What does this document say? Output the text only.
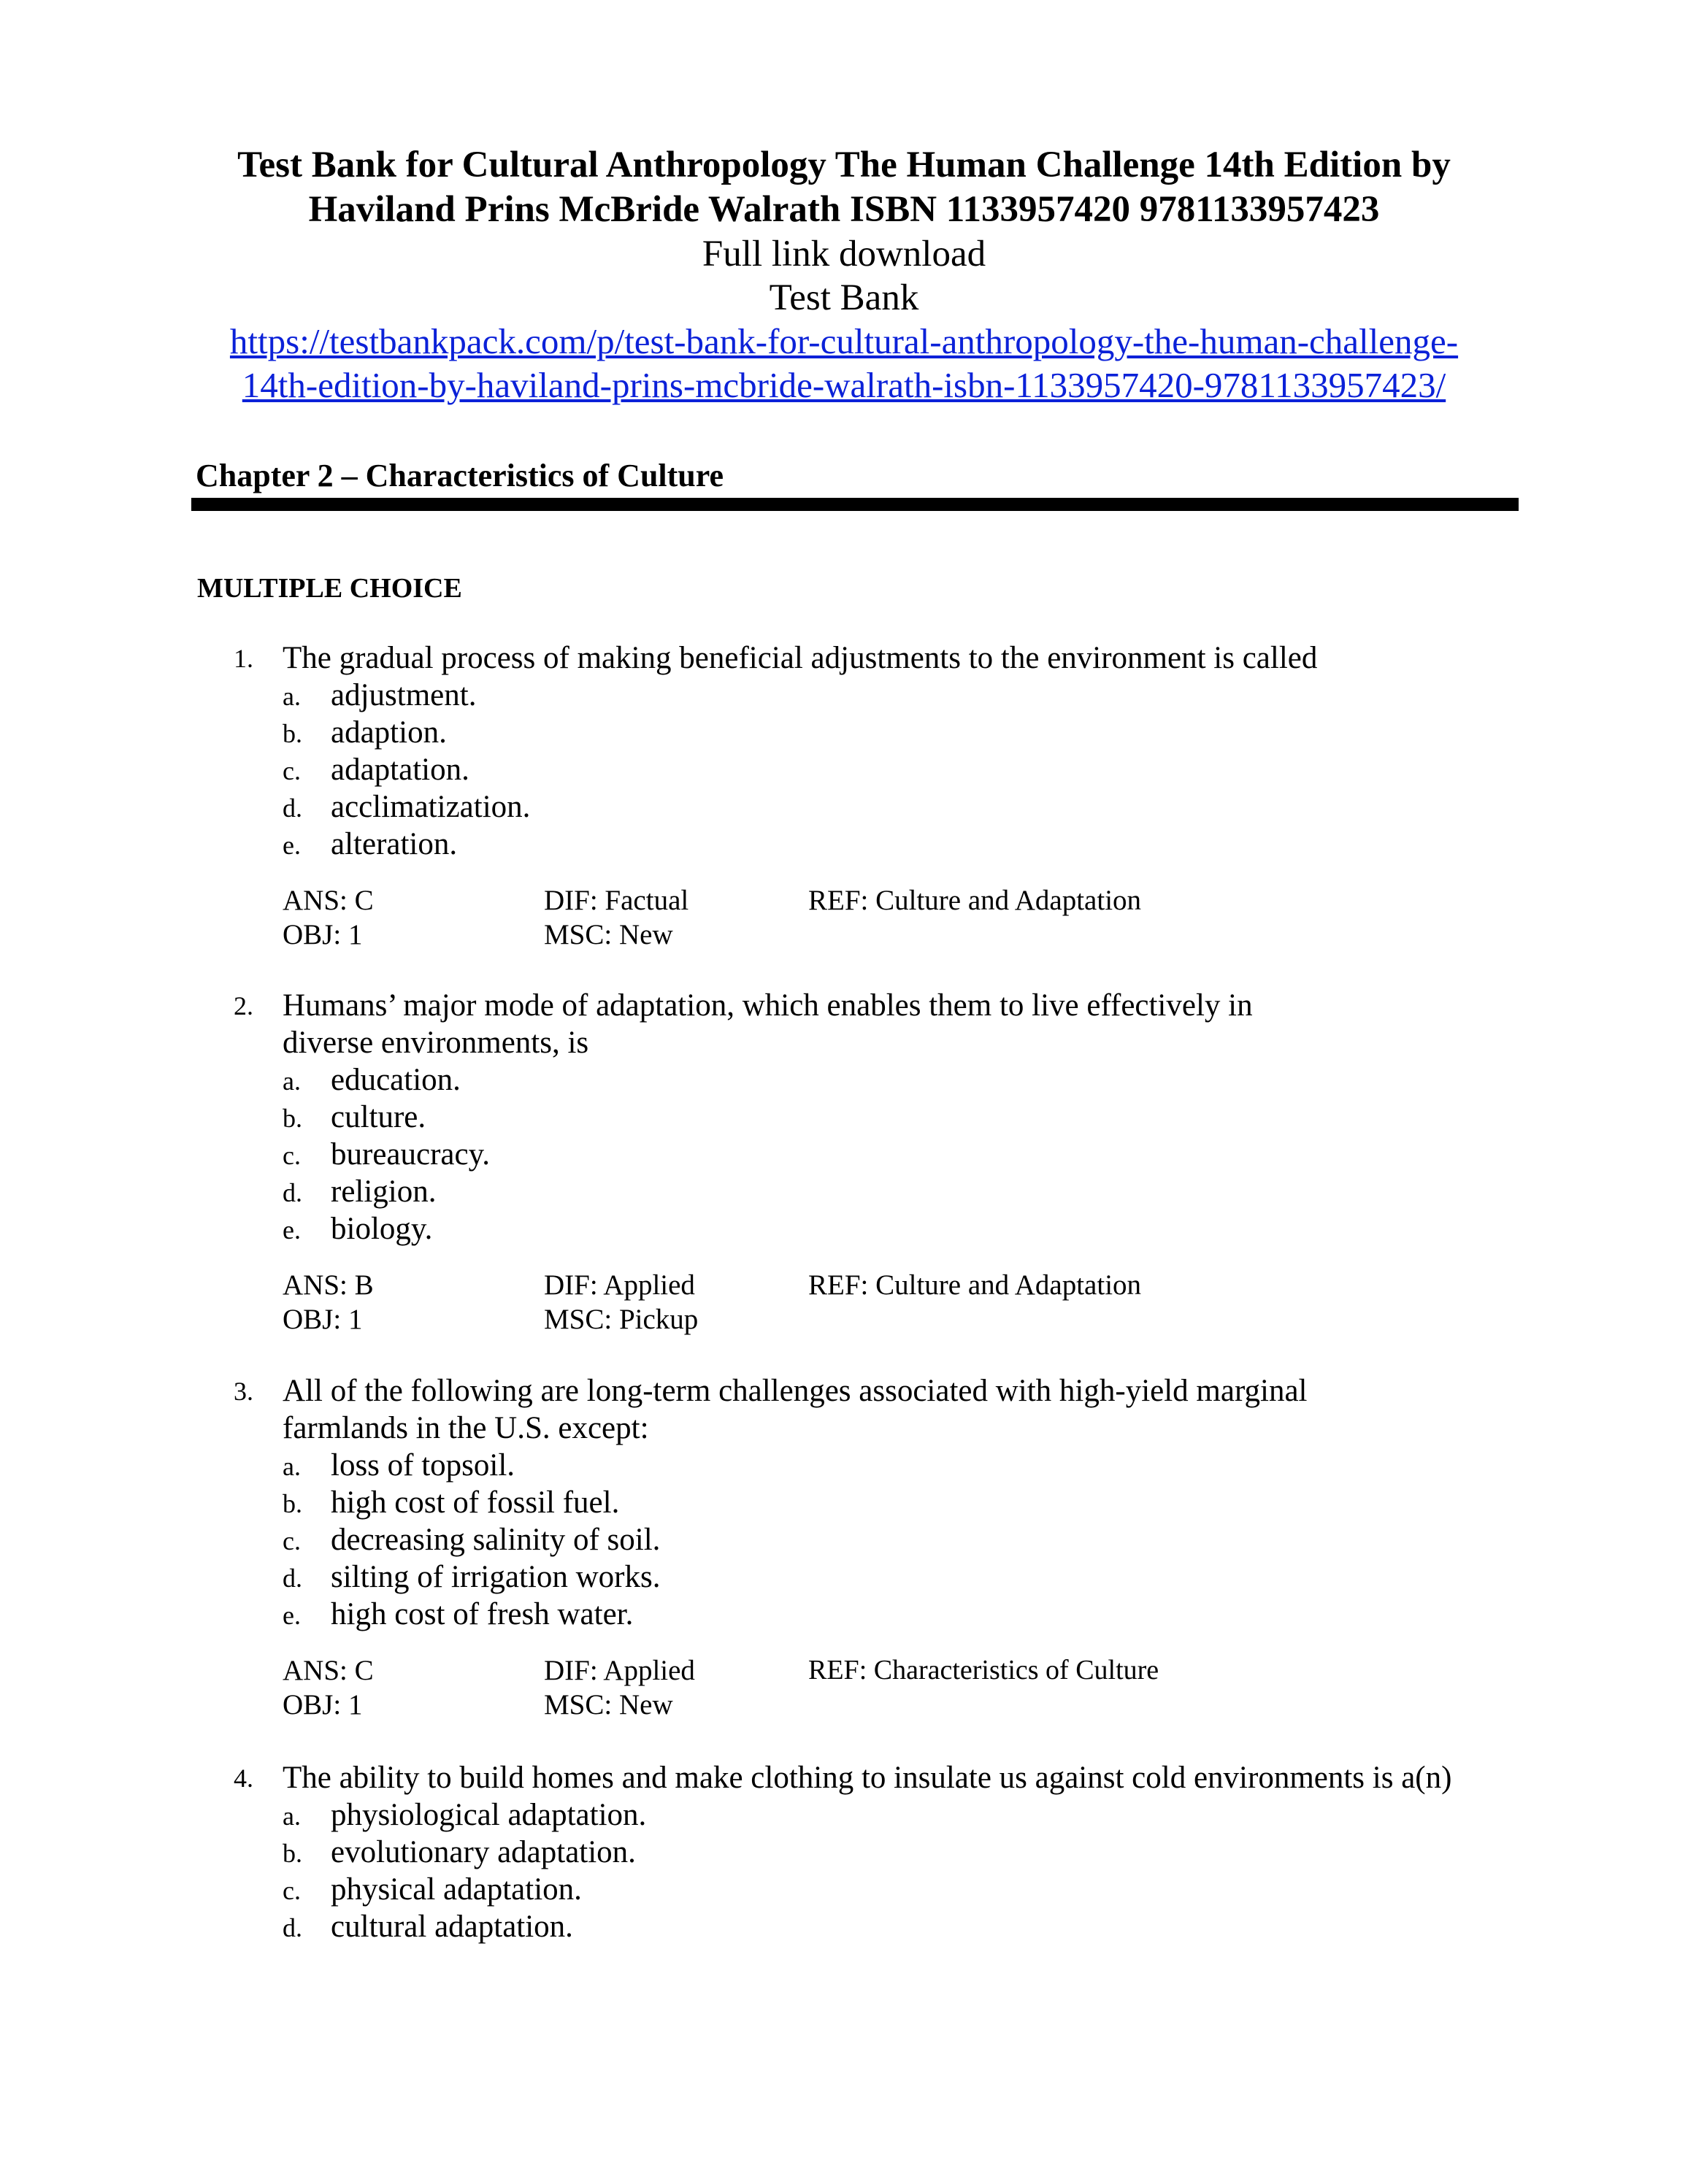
Test Bank for Cultural Anthropology The Human Challenge 14th Edition by
Haviland Prins McBride Walrath ISBN 1133957420 9781133957423
Full link download
Test Bank
https://testbankpack.com/p/test-bank-for-cultural-anthropology-the-human-challenge-
14th-edition-by-haviland-prins-mcbride-walrath-isbn-1133957420-9781133957423/
Chapter 2 – Characteristics of Culture
MULTIPLE CHOICE
1. The gradual process of making beneficial adjustments to the environment is called
a. adjustment.
b. adaption.
c. adaptation.
d. acclimatization.
e. alteration.
ANS: C	DIF: Factual	REF: Culture and Adaptation
OBJ: 1	MSC: New
2. Humans’ major mode of adaptation, which enables them to live effectively in
diverse environments, is
a. education.
b. culture.
c. bureaucracy.
d. religion.
e. biology.
ANS: B	DIF: Applied	REF: Culture and Adaptation
OBJ: 1	MSC: Pickup
3. All of the following are long-term challenges associated with high-yield marginal
farmlands in the U.S. except:
a. loss of topsoil.
b. high cost of fossil fuel.
c. decreasing salinity of soil.
d. silting of irrigation works.
e. high cost of fresh water.
ANS: C	DIF: Applied	REF: Characteristics of Culture
OBJ: 1	MSC: New
4. The ability to build homes and make clothing to insulate us against cold environments is a(n)
a. physiological adaptation.
b. evolutionary adaptation.
c. physical adaptation.
d. cultural adaptation.
